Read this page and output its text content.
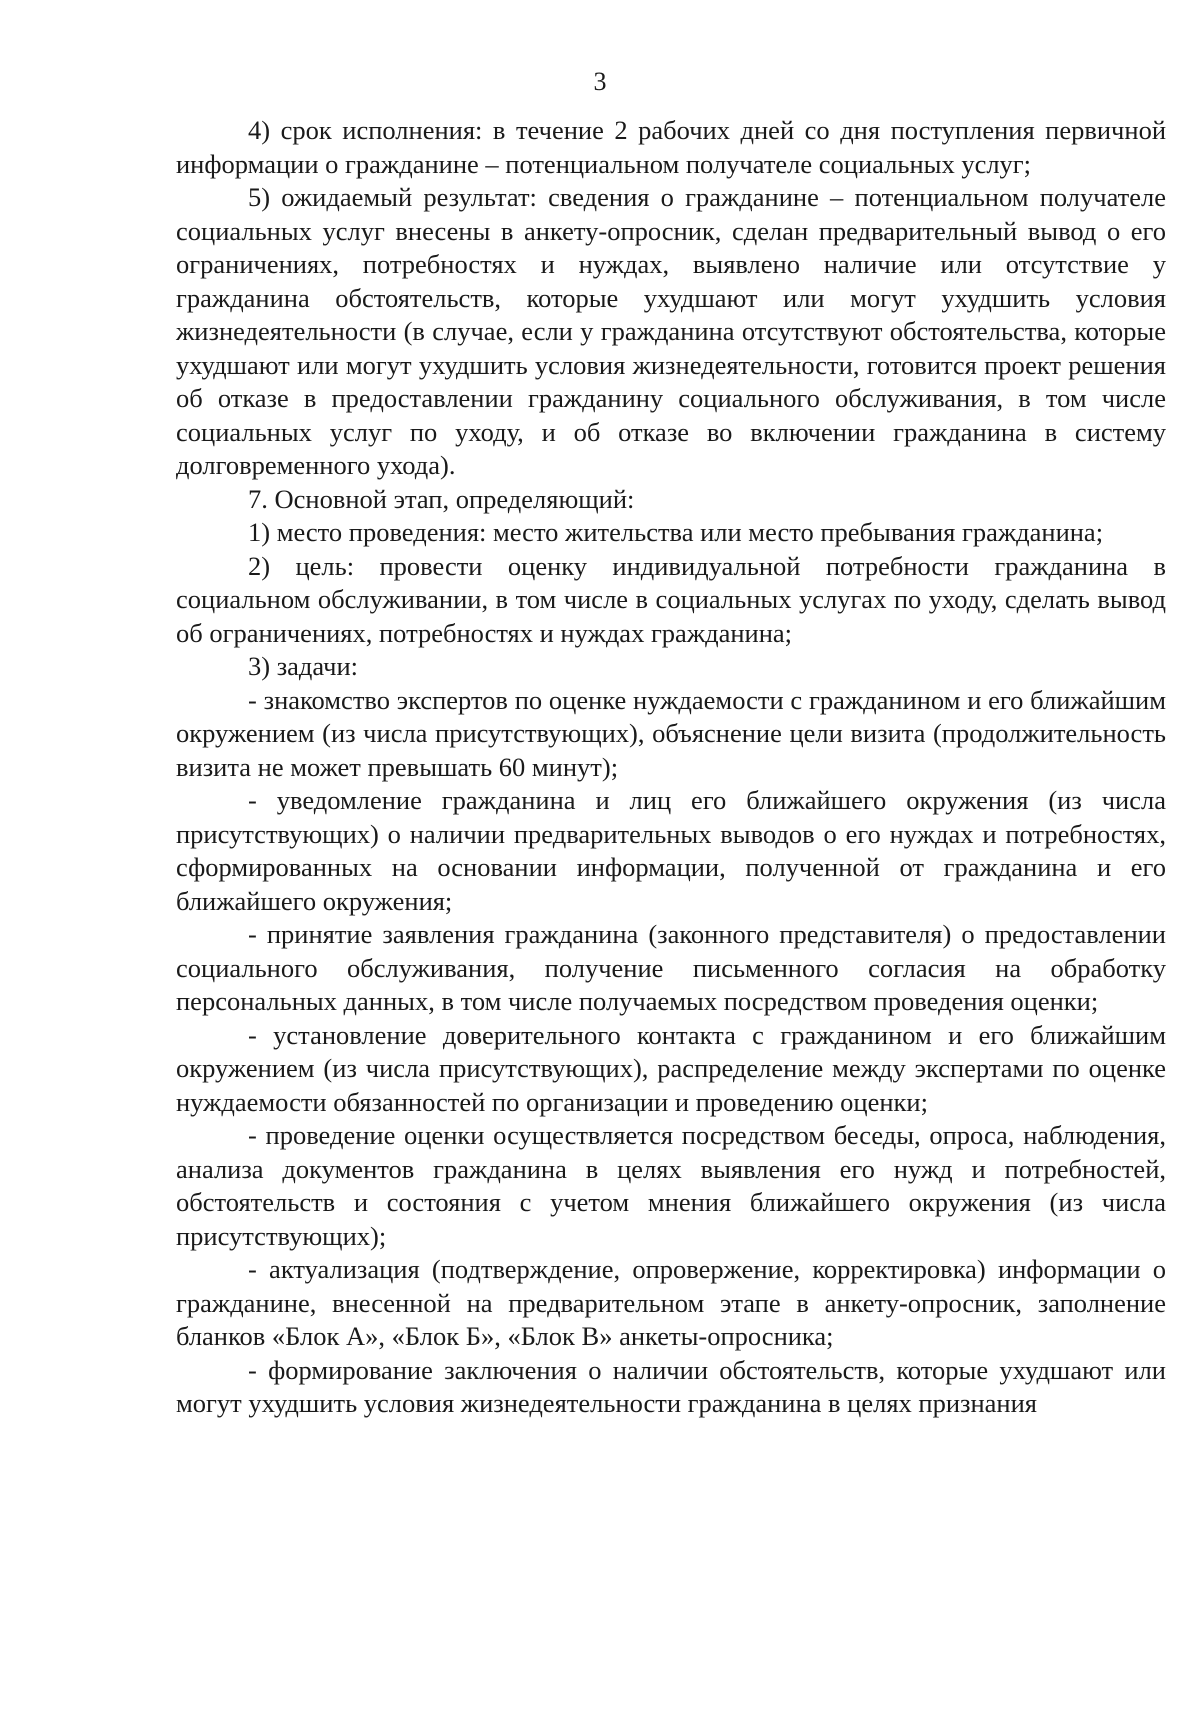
3

4) срок исполнения: в течение 2 рабочих дней со дня поступления первичной информации о гражданине – потенциальном получателе социальных услуг;

5) ожидаемый результат: сведения о гражданине – потенциальном получателе социальных услуг внесены в анкету-опросник, сделан предварительный вывод о его ограничениях, потребностях и нуждах, выявлено наличие или отсутствие у гражданина обстоятельств, которые ухудшают или могут ухудшить условия жизнедеятельности (в случае, если у гражданина отсутствуют обстоятельства, которые ухудшают или могут ухудшить условия жизнедеятельности, готовится проект решения об отказе в предоставлении гражданину социального обслуживания, в том числе социальных услуг по уходу, и об отказе во включении гражданина в систему долговременного ухода).

7. Основной этап, определяющий:

1) место проведения: место жительства или место пребывания гражданина;

2) цель: провести оценку индивидуальной потребности гражданина в социальном обслуживании, в том числе в социальных услугах по уходу, сделать вывод об ограничениях, потребностях и нуждах гражданина;

3) задачи:

- знакомство экспертов по оценке нуждаемости с гражданином и его ближайшим окружением (из числа присутствующих), объяснение цели визита (продолжительность визита не может превышать 60 минут);

- уведомление гражданина и лиц его ближайшего окружения (из числа присутствующих) о наличии предварительных выводов о его нуждах и потребностях, сформированных на основании информации, полученной от гражданина и его ближайшего окружения;

- принятие заявления гражданина (законного представителя) о предоставлении социального обслуживания, получение письменного согласия на обработку персональных данных, в том числе получаемых посредством проведения оценки;

- установление доверительного контакта с гражданином и его ближайшим окружением (из числа присутствующих), распределение между экспертами по оценке нуждаемости обязанностей по организации и проведению оценки;

- проведение оценки осуществляется посредством беседы, опроса, наблюдения, анализа документов гражданина в целях выявления его нужд и потребностей, обстоятельств и состояния с учетом мнения ближайшего окружения (из числа присутствующих);

- актуализация (подтверждение, опровержение, корректировка) информации о гражданине, внесенной на предварительном этапе в анкету-опросник, заполнение бланков «Блок А», «Блок Б», «Блок В» анкеты-опросника;

- формирование заключения о наличии обстоятельств, которые ухудшают или могут ухудшить условия жизнедеятельности гражданина в целях признания
